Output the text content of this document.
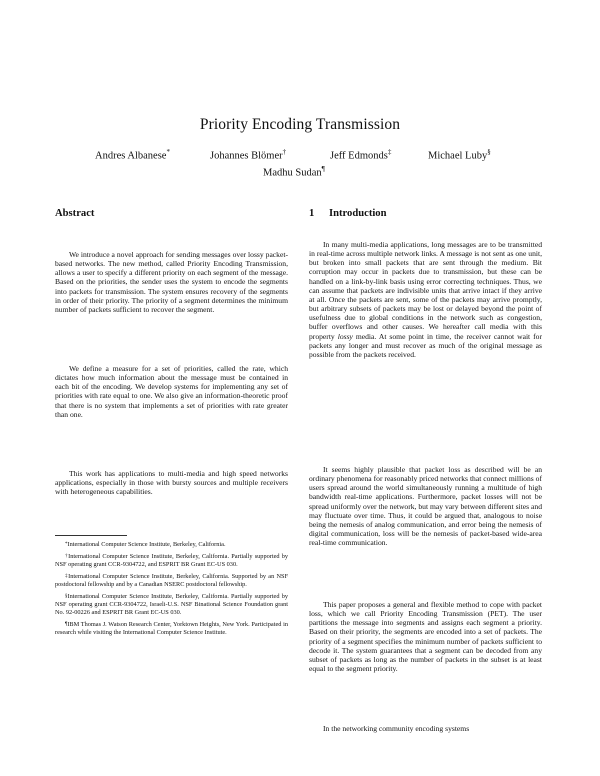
Priority Encoding Transmission
Andres Albanese*	Johannes Blömer†	Jeff Edmonds‡	Michael Luby§
Madhu Sudan¶
Abstract

We introduce a novel approach for sending messages over lossy packet-based networks. The new method, called Priority Encoding Transmission, allows a user to specify a different priority on each segment of the message. Based on the priorities, the sender uses the system to encode the segments into packets for transmission. The system ensures recovery of the segments in order of their priority. The priority of a segment determines the minimum number of packets sufficient to recover the segment.

We define a measure for a set of priorities, called the rate, which dictates how much information about the message must be contained in each bit of the encoding. We develop systems for implementing any set of priorities with rate equal to one. We also give an information-theoretic proof that there is no system that implements a set of priorities with rate greater than one.

This work has applications to multi-media and high speed networks applications, especially in those with bursty sources and multiple receivers with heterogeneous capabilities.

*International Computer Science Institute, Berkeley, California.
†International Computer Science Institute, Berkeley, California. Partially supported by NSF operating grant CCR-9304722, and ESPRIT BR Grant EC-US 030.
‡International Computer Science Institute, Berkeley, California. Supported by an NSF postdoctoral fellowship and by a Canadian NSERC postdoctoral fellowship.
§International Computer Science Institute, Berkeley, California. Partially supported by NSF operating grant CCR-9304722, Israeli-U.S. NSF Binational Science Foundation grant No. 92-00226 and ESPRIT BR Grant EC-US 030.
¶IBM Thomas J. Watson Research Center, Yorktown Heights, New York. Participated in research while visiting the International Computer Science Institute.
1 Introduction

In many multi-media applications, long messages are to be transmitted in real-time across multiple network links. A message is not sent as one unit, but broken into small packets that are sent through the medium. Bit corruption may occur in packets due to transmission, but these can be handled on a link-by-link basis using error correcting techniques. Thus, we can assume that packets are indivisible units that arrive intact if they arrive at all. Once the packets are sent, some of the packets may arrive promptly, but arbitrary subsets of packets may be lost or delayed beyond the point of usefulness due to global conditions in the network such as congestion, buffer overflows and other causes. We hereafter call media with this property lossy media. At some point in time, the receiver cannot wait for packets any longer and must recover as much of the original message as possible from the packets received.

It seems highly plausible that packet loss as described will be an ordinary phenomena for reasonably priced networks that connect millions of users spread around the world simultaneously running a multitude of high bandwidth real-time applications. Furthermore, packet losses will not be spread uniformly over the network, but may vary between different sites and may fluctuate over time. Thus, it could be argued that, analogous to noise being the nemesis of analog communication, and error being the nemesis of digital communication, loss will be the nemesis of packet-based wide-area real-time communication.

This paper proposes a general and flexible method to cope with packet loss, which we call Priority Encoding Transmission (PET). The user partitions the message into segments and assigns each segment a priority. Based on their priority, the segments are encoded into a set of packets. The priority of a segment specifies the minimum number of packets sufficient to decode it. The system guarantees that a segment can be decoded from any subset of packets as long as the number of packets in the subset is at least equal to the segment priority.

In the networking community encoding systems
